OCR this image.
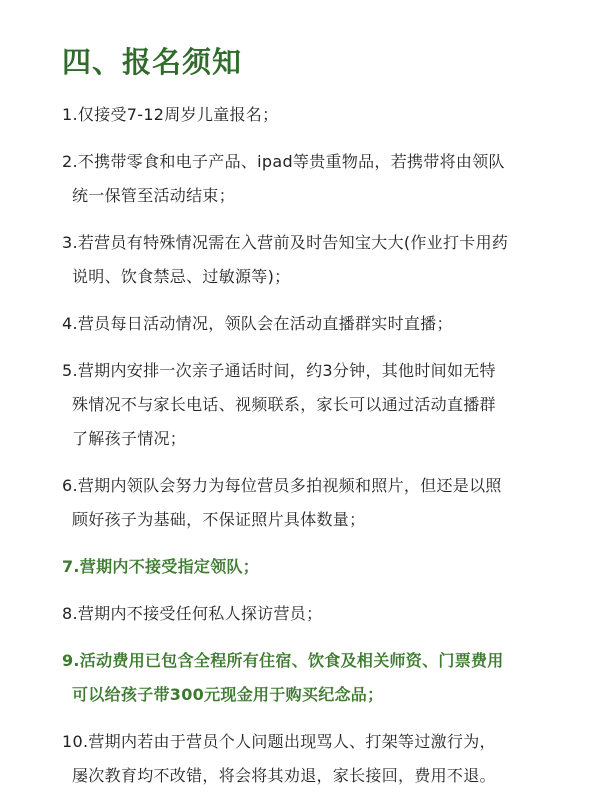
四、报名须知
1.仅接受7-12周岁儿童报名；
2.不携带零食和电子产品、ipad等贵重物品，若携带将由领队
统一保管至活动结束；
3.若营员有特殊情况需在入营前及时告知宝大大(作业打卡用药
说明、饮食禁忌、过敏源等)；
4.营员每日活动情况，领队会在活动直播群实时直播；
5.营期内安排一次亲子通话时间，约3分钟，其他时间如无特
殊情况不与家长电话、视频联系，家长可以通过活动直播群
了解孩子情况；
6.营期内领队会努力为每位营员多拍视频和照片，但还是以照
顾好孩子为基础，不保证照片具体数量；
7.营期内不接受指定领队；
8.营期内不接受任何私人探访营员；
9.活动费用已包含全程所有住宿、饮食及相关师资、门票费用
可以给孩子带300元现金用于购买纪念品；
10.营期内若由于营员个人问题出现骂人、打架等过激行为，
屡次教育均不改错，将会将其劝退，家长接回，费用不退。
